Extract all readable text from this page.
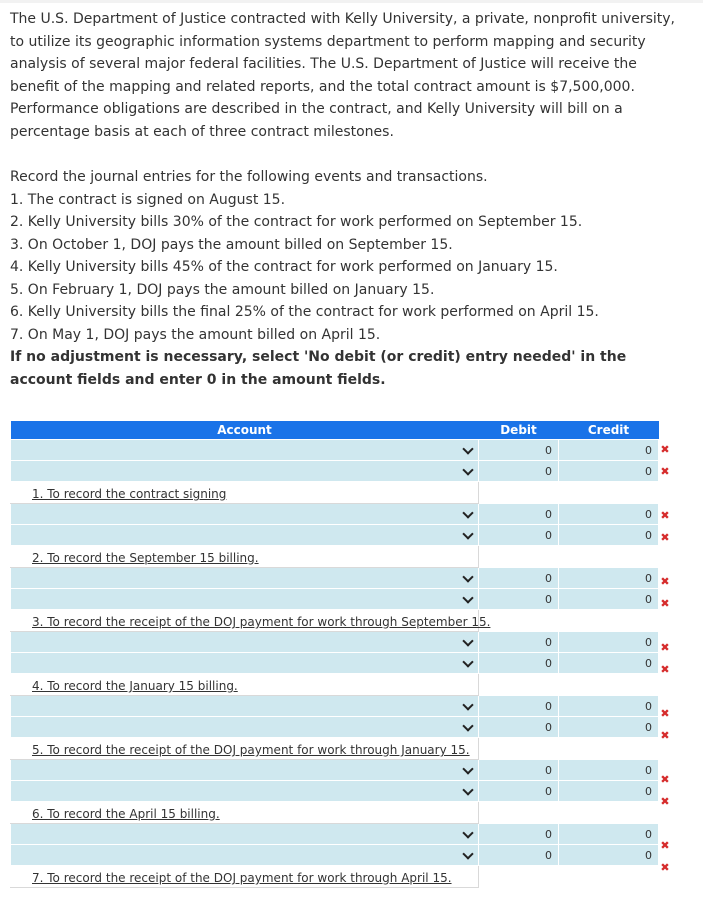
The U.S. Department of Justice contracted with Kelly University, a private, nonprofit university, to utilize its geographic information systems department to perform mapping and security analysis of several major federal facilities. The U.S. Department of Justice will receive the benefit of the mapping and related reports, and the total contract amount is $7,500,000. Performance obligations are described in the contract, and Kelly University will bill on a percentage basis at each of three contract milestones.

Record the journal entries for the following events and transactions.

1. The contract is signed on August 15.

2. Kelly University bills 30% of the contract for work performed on September 15.

3. On October 1, DOJ pays the amount billed on September 15.

4. Kelly University bills 45% of the contract for work performed on January 15.

5. On February 1, DOJ pays the amount billed on January 15.

6. Kelly University bills the final 25% of the contract for work performed on April 15.

7. On May 1, DOJ pays the amount billed on April 15.

If no adjustment is necessary, select 'No debit (or credit) entry needed' in the account fields and enter 0 in the amount fields.

Account	Debit	Credit

	0	0

	0	0
1. To record the contract signing		

	0	0

	0	0
2. To record the September 15 billing.		

	0	0

	0	0
3. To record the receipt of the DOJ payment for work through September 15.		

	0	0

	0	0
4. To record the January 15 billing.		

	0	0

	0	0
5. To record the receipt of the DOJ payment for work through January 15.		

	0	0

	0	0
6. To record the April 15 billing.		

	0	0

	0	0
7. To record the receipt of the DOJ payment for work through April 15.		
✖
✖
✖
✖
✖
✖
✖
✖
✖
✖
✖
✖
✖
✖
